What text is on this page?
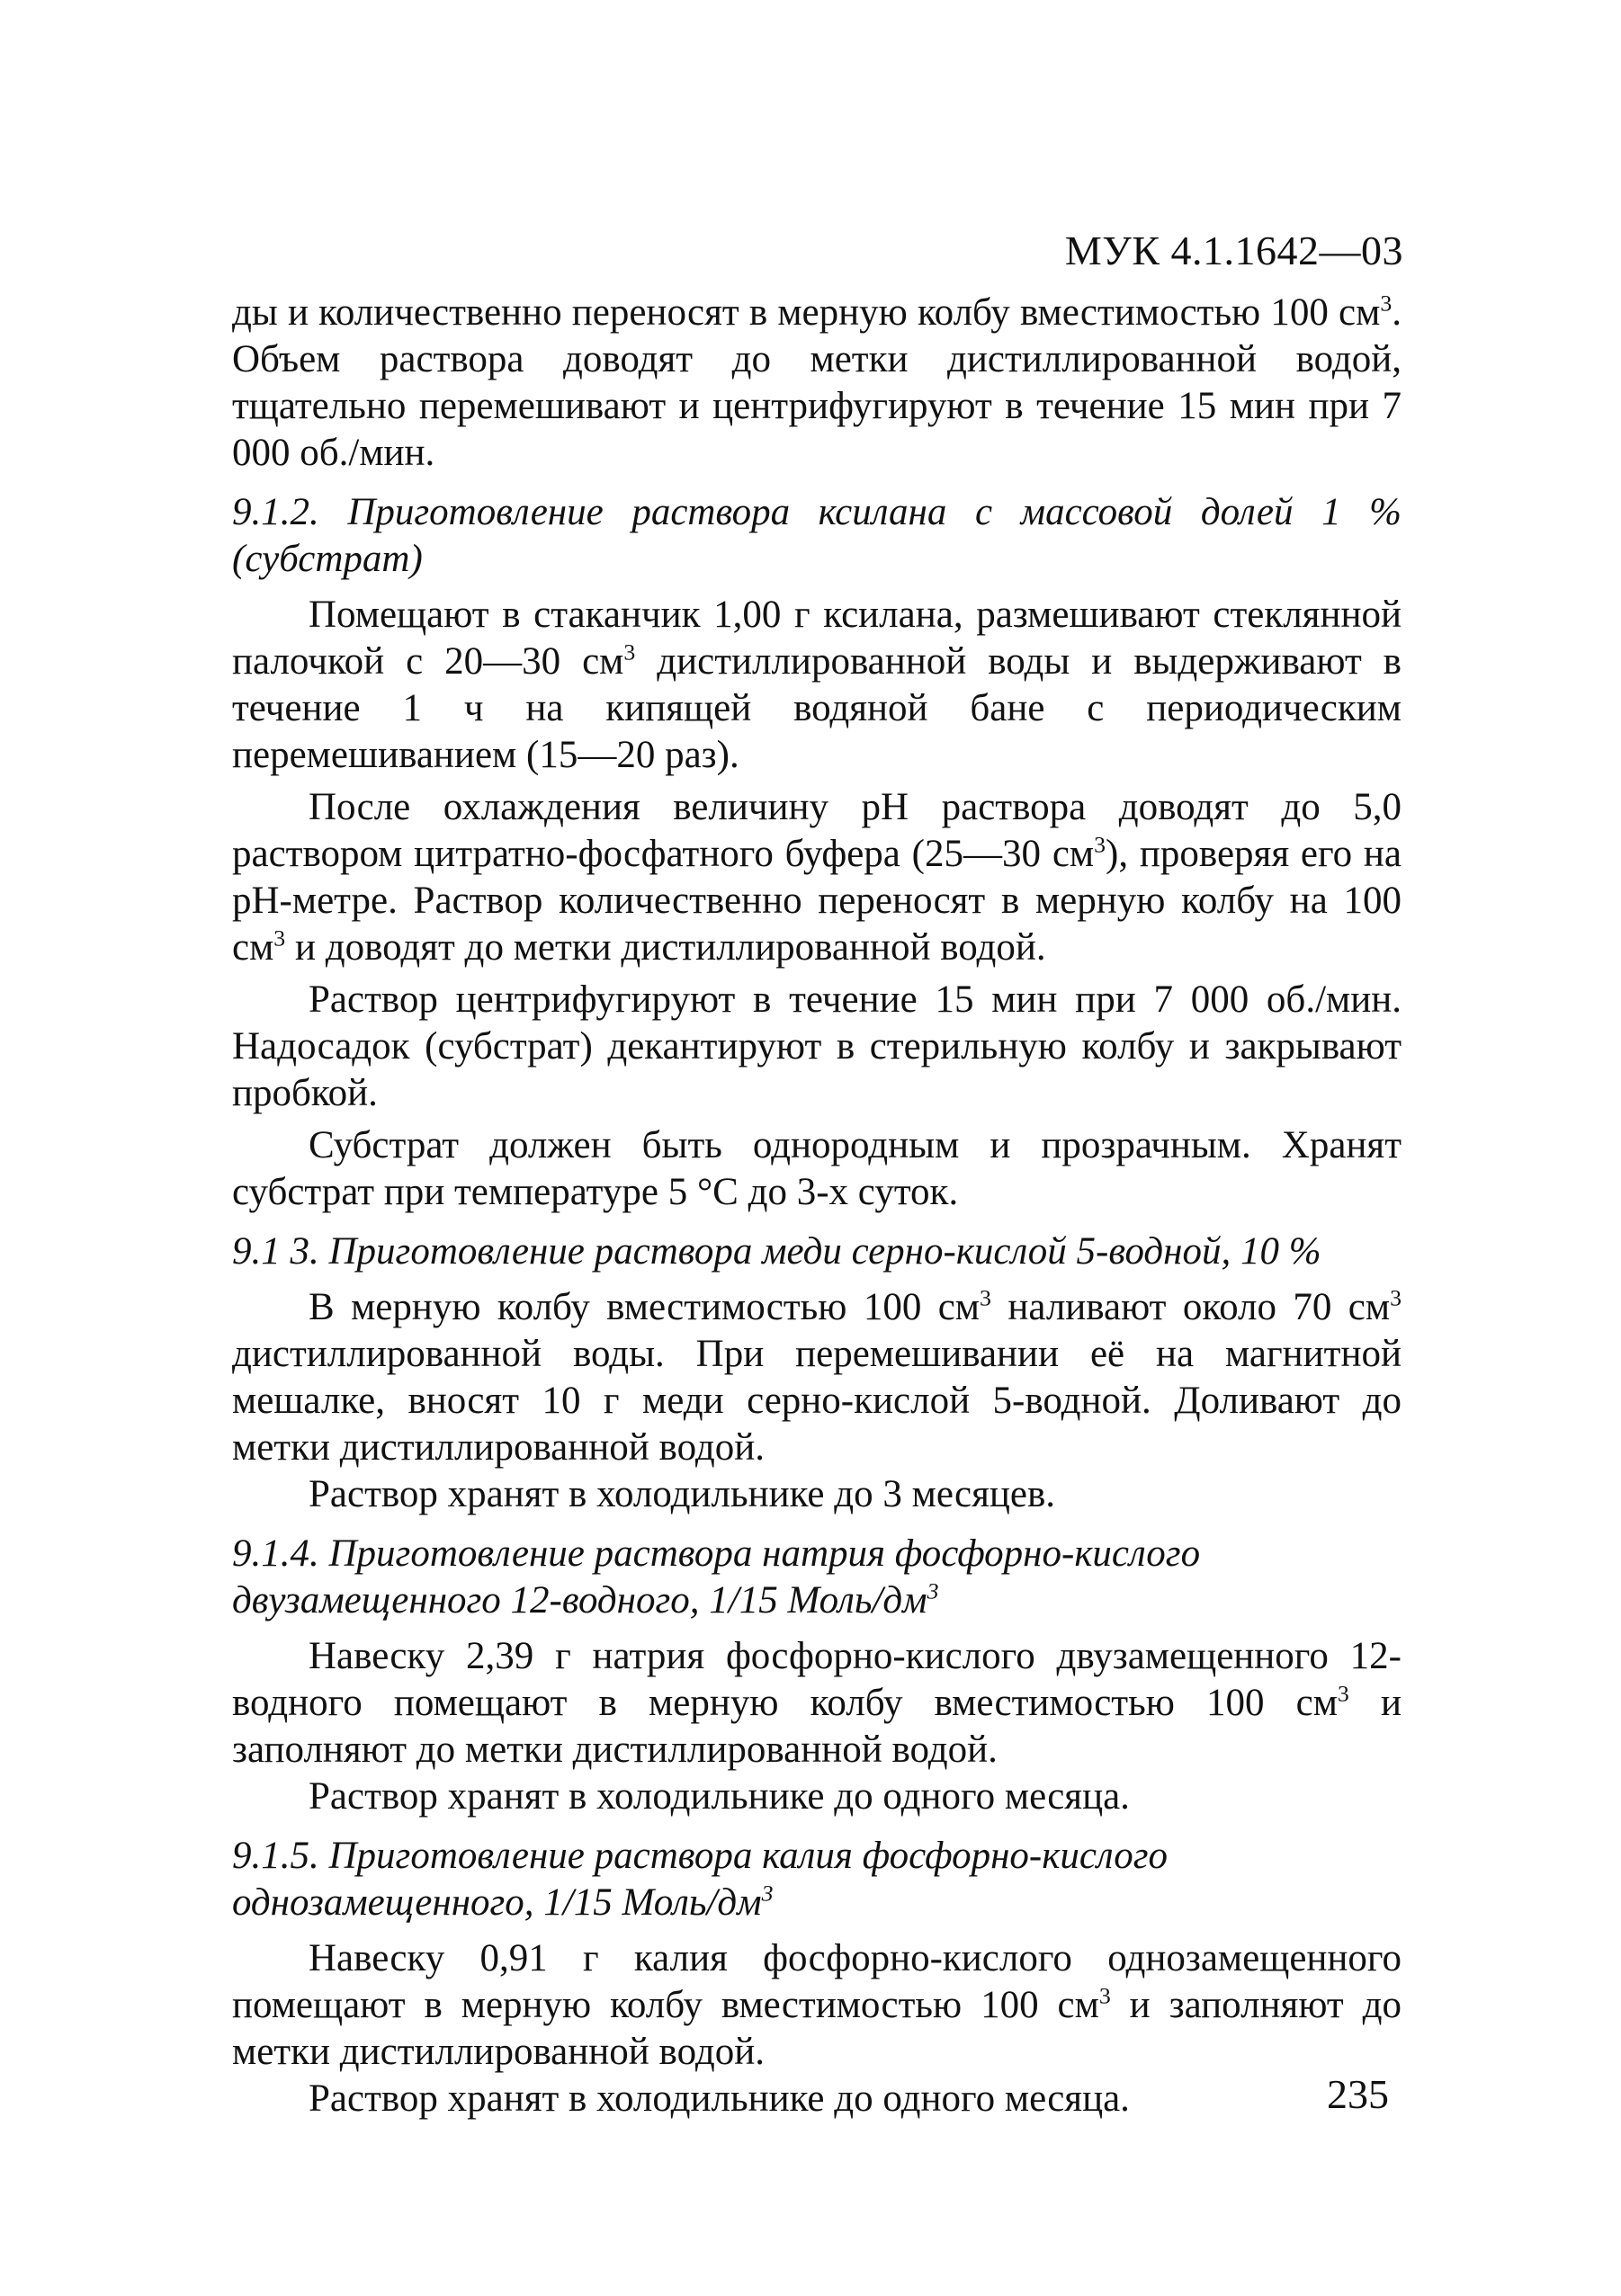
МУК 4.1.1642—03

ды и количественно переносят в мерную колбу вместимостью 100 $см^3$. Объем раствора доводят до метки дистиллированной водой, тщательно перемешивают и центрифугируют в течение 15 мин при 7 000 об./мин.

9.1.2. Приготовление раствора ксилана с массовой долей 1 % (субстрат)

Помещают в стаканчик 1,00 г ксилана, размешивают стеклянной палочкой с 20—30 $см^3$ дистиллированной воды и выдерживают в течение 1 ч на кипящей водяной бане с периодическим перемешиванием (15—20 раз).

После охлаждения величину pH раствора доводят до 5,0 раствором цитратно-фосфатного буфера (25—30 $см^3$), проверяя его на pH-метре. Раствор количественно переносят в мерную колбу на 100 $см^3$ и доводят до метки дистиллированной водой.

Раствор центрифугируют в течение 15 мин при 7 000 об./мин. Надосадок (субстрат) декантируют в стерильную колбу и закрывают пробкой.

Субстрат должен быть однородным и прозрачным. Хранят субстрат при температуре 5 °С до 3-х суток.

9.1 3. Приготовление раствора меди серно-кислой 5-водной, 10 %

В мерную колбу вместимостью 100 $см^3$ наливают около 70 $см^3$ дистиллированной воды. При перемешивании её на магнитной мешалке, вносят 10 г меди серно-кислой 5-водной. Доливают до метки дистиллированной водой.

Раствор хранят в холодильнике до 3 месяцев.

9.1.4. Приготовление раствора натрия фосфорно-кислого
двузамещенного 12-водного, 1/15 Моль/$дм^3$

Навеску 2,39 г натрия фосфорно-кислого двузамещенного 12-водного помещают в мерную колбу вместимостью 100 $см^3$ и заполняют до метки дистиллированной водой.

Раствор хранят в холодильнике до одного месяца.

9.1.5. Приготовление раствора калия фосфорно-кислого
однозамещенного, 1/15 Моль/$дм^3$

Навеску 0,91 г калия фосфорно-кислого однозамещенного помещают в мерную колбу вместимостью 100 $см^3$ и заполняют до метки дистиллированной водой.

Раствор хранят в холодильнике до одного месяца.	235
